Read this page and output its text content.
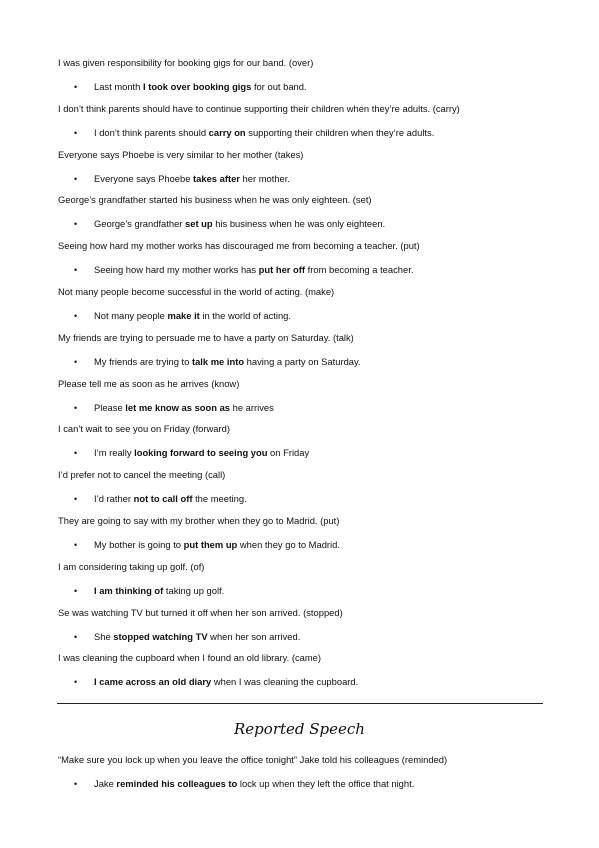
I was given responsibility for booking gigs for our band. (over)
• Last month I took over booking gigs for out band.
I don’t think parents should have to continue supporting their children when they’re adults. (carry)
• I don’t think parents should carry on supporting their children when they’re adults.
Everyone says Phoebe is very similar to her mother (takes)
• Everyone says Phoebe takes after her mother.
George’s grandfather started his business when he was only eighteen. (set)
• George’s grandfather set up his business when he was only eighteen.
Seeing how hard my mother works has discouraged me from becoming a teacher. (put)
• Seeing how hard my mother works has put her off from becoming a teacher.
Not many people become successful in the world of acting. (make)
• Not many people make it in the world of acting.
My friends are trying to persuade me to have a party on Saturday. (talk)
• My friends are trying to talk me into having a party on Saturday.
Please tell me as soon as he arrives (know)
• Please let me know as soon as he arrives
I can’t wait to see you on Friday (forward)
• I’m really looking forward to seeing you on Friday
I’d prefer not to cancel the meeting (call)
• I’d rather not to call off the meeting.
They are going to say with my brother when they go to Madrid. (put)
• My bother is going to put them up when they go to Madrid.
I am considering taking up golf. (of)
• I am thinking of taking up golf.
Se was watching TV but turned it off when her son arrived. (stopped)
• She stopped watching TV when her son arrived.
I was cleaning the cupboard when I found an old library. (came)
• I came across an old diary when I was cleaning the cupboard.
Reported Speech
“Make sure you lock up when you leave the office tonight” Jake told his colleagues (reminded)
• Jake reminded his colleagues to lock up when they left the office that night.
